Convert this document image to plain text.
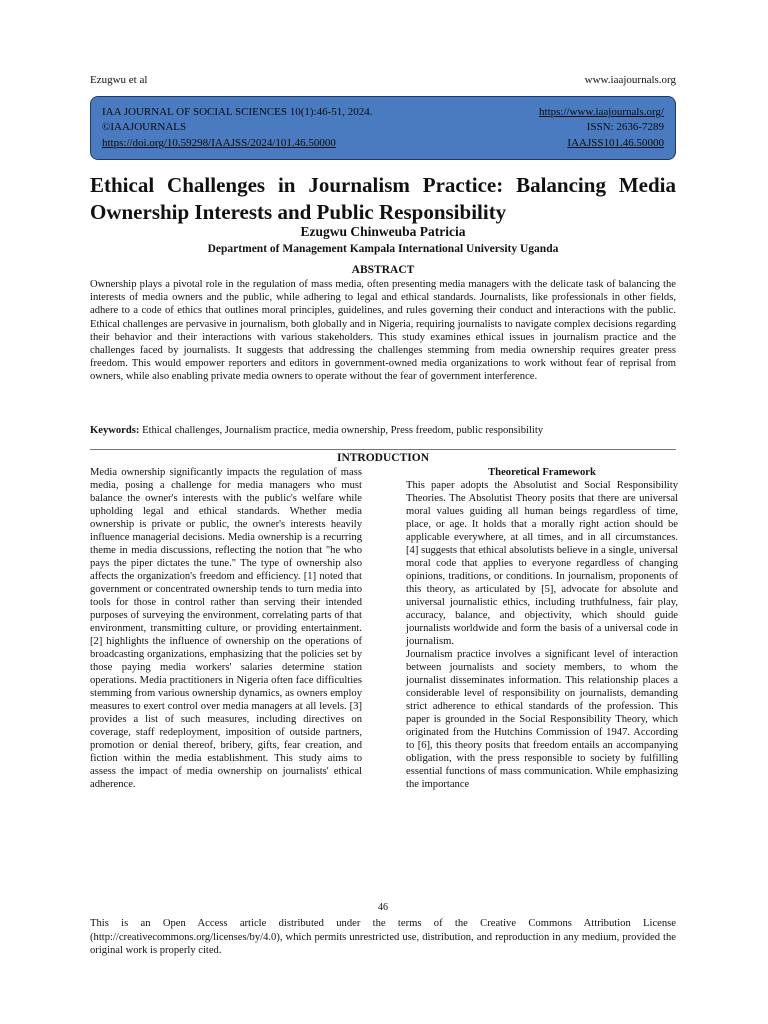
Ezugwu et al	www.iaajournals.org
IAA JOURNAL OF SOCIAL SCIENCES 10(1):46-51, 2024.
©IAAJOURNALS
https://doi.org/10.59298/IAAJSS/2024/101.46.50000
https://www.iaajournals.org/
ISSN: 2636-7289
IAAJSS101.46.50000
Ethical Challenges in Journalism Practice: Balancing Media Ownership Interests and Public Responsibility
Ezugwu Chinweuba Patricia
Department of Management Kampala International University Uganda
ABSTRACT
Ownership plays a pivotal role in the regulation of mass media, often presenting media managers with the delicate task of balancing the interests of media owners and the public, while adhering to legal and ethical standards. Journalists, like professionals in other fields, adhere to a code of ethics that outlines moral principles, guidelines, and rules governing their conduct and interactions with the public. Ethical challenges are pervasive in journalism, both globally and in Nigeria, requiring journalists to navigate complex decisions regarding their behavior and their interactions with various stakeholders. This study examines ethical issues in journalism practice and the challenges faced by journalists. It suggests that addressing the challenges stemming from media ownership requires greater press freedom. This would empower reporters and editors in government-owned media organizations to work without fear of reprisal from owners, while also enabling private media owners to operate without the fear of government interference.
Keywords: Ethical challenges, Journalism practice, media ownership, Press freedom, public responsibility
INTRODUCTION

Media ownership significantly impacts the regulation of mass media, posing a challenge for media managers who must balance the owner's interests with the public's welfare while upholding legal and ethical standards. Whether media ownership is private or public, the owner's interests heavily influence managerial decisions. Media ownership is a recurring theme in media discussions, reflecting the notion that "he who pays the piper dictates the tune." The type of ownership also affects the organization's freedom and efficiency. [1] noted that government or concentrated ownership tends to turn media into tools for those in control rather than serving their intended purposes of surveying the environment, correlating parts of that environment, transmitting culture, or providing entertainment. [2] highlights the influence of ownership on the operations of broadcasting organizations, emphasizing that the policies set by those paying media workers' salaries determine station operations. Media practitioners in Nigeria often face difficulties stemming from various ownership dynamics, as owners employ measures to exert control over media managers at all levels. [3] provides a list of such measures, including directives on coverage, staff redeployment, imposition of outside partners, promotion or denial thereof, bribery, gifts, fear creation, and fiction within the media establishment. This study aims to assess the impact of media ownership on journalists' ethical adherence.

Theoretical Framework

This paper adopts the Absolutist and Social Responsibility Theories. The Absolutist Theory posits that there are universal moral values guiding all human beings regardless of time, place, or age. It holds that a morally right action should be applicable everywhere, at all times, and in all circumstances. [4] suggests that ethical absolutists believe in a single, universal moral code that applies to everyone regardless of changing opinions, traditions, or conditions. In journalism, proponents of this theory, as articulated by [5], advocate for absolute and universal journalistic ethics, including truthfulness, fair play, accuracy, balance, and objectivity, which should guide journalists worldwide and form the basis of a universal code in journalism.

Journalism practice involves a significant level of interaction between journalists and society members, to whom the journalist disseminates information. This relationship places a considerable level of responsibility on journalists, demanding strict adherence to ethical standards of the profession. This paper is grounded in the Social Responsibility Theory, which originated from the Hutchins Commission of 1947. According to [6], this theory posits that freedom entails an accompanying obligation, with the press responsible to society by fulfilling essential functions of mass communication. While emphasizing the importance

46
This is an Open Access article distributed under the terms of the Creative Commons Attribution License (http://creativecommons.org/licenses/by/4.0), which permits unrestricted use, distribution, and reproduction in any medium, provided the original work is properly cited.
